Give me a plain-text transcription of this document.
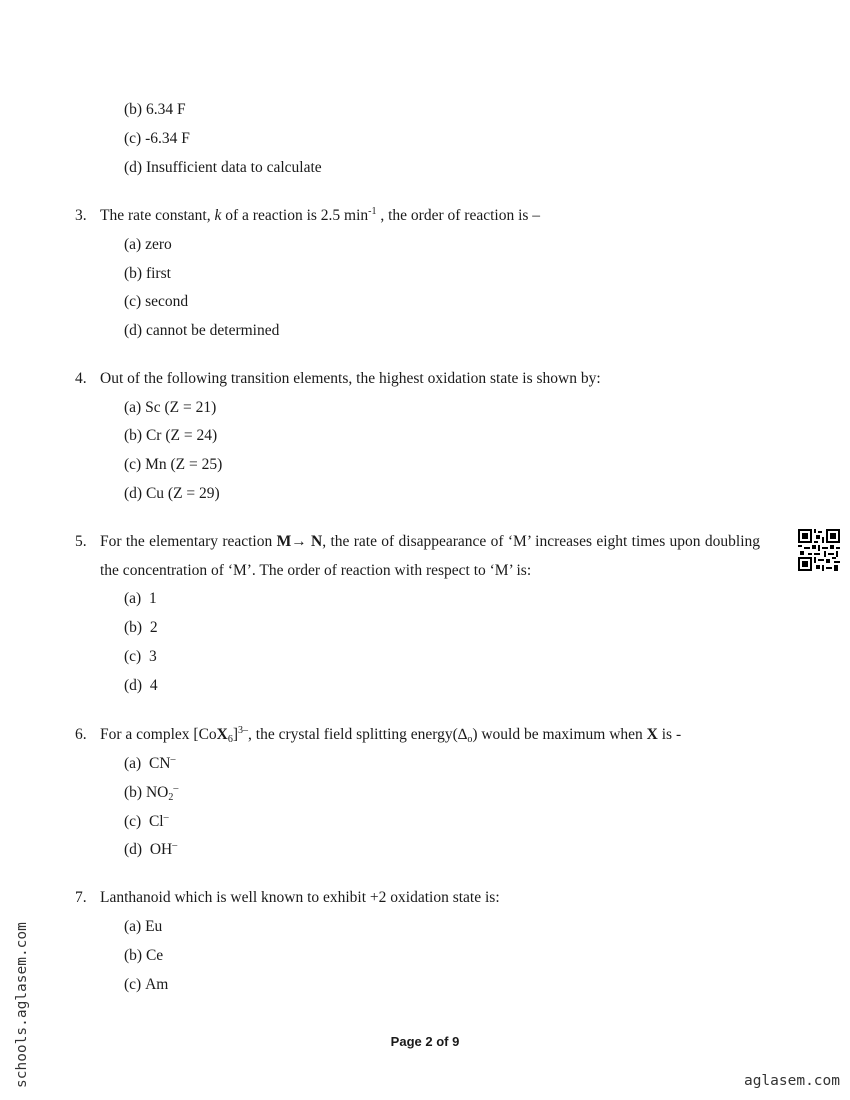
(b) 6.34 F
(c) -6.34 F
(d) Insufficient data to calculate
3. The rate constant, k of a reaction is 2.5 $\min^{-1}$ , the order of reaction is –
(a) zero
(b) first
(c) second
(d) cannot be determined
4. Out of the following transition elements, the highest oxidation state is shown by:
(a) Sc (Z = 21)
(b) Cr (Z = 24)
(c) Mn (Z = 25)
(d) Cu (Z = 29)
5. For the elementary reaction M→ N, the rate of disappearance of ‘M’ increases eight times upon doubling the concentration of ‘M’. The order of reaction with respect to ‘M’ is:
(a) 1
(b) 2
(c) 3
(d) 4
6. For a complex $[CoX_6]^{3-}$, the crystal field splitting $energy(\Delta_o)$ would be maximum when X is -
(a) CN–
(b) $NO_2^-$
(c) Cl–
(d) OH–
7. Lanthanoid which is well known to exhibit +2 oxidation state is:
(a) Eu
(b) Ce
(c) Am
Page 2 of 9
schools.aglasem.com	aglasem.com
